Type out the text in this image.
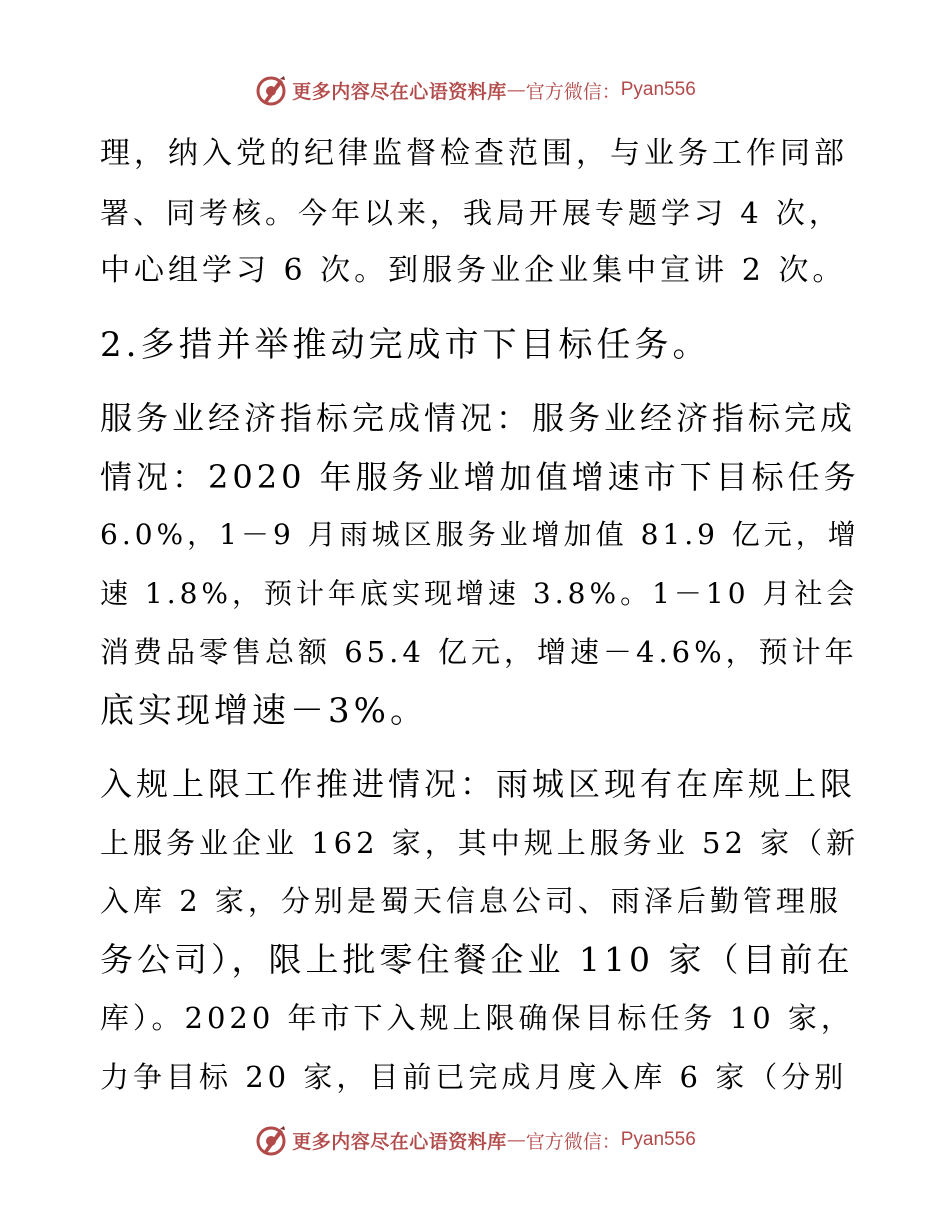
更多内容尽在心语资料库 — 官方微信： Pyan556
理，纳入党的纪律监督检查范围，与业务工作同部
署、同考核。今年以来，我局开展专题学习 4 次，
中心组学习 6 次。到服务业企业集中宣讲 2 次。
2.多措并举推动完成市下目标任务。
服务业经济指标完成情况：服务业经济指标完成
情况：2020 年服务业增加值增速市下目标任务
6.0%，1－9 月雨城区服务业增加值 81.9 亿元，增
速 1.8%，预计年底实现增速 3.8%。1－10 月社会
消费品零售总额 65.4 亿元，增速－4.6%，预计年
底实现增速－3%。
入规上限工作推进情况：雨城区现有在库规上限
上服务业企业 162 家，其中规上服务业 52 家（新
入库 2 家，分别是蜀天信息公司、雨泽后勤管理服
务公司），限上批零住餐企业 110 家（目前在
库）。2020 年市下入规上限确保目标任务 10 家，
力争目标 20 家，目前已完成月度入库 6 家（分别
更多内容尽在心语资料库 — 官方微信： Pyan556
